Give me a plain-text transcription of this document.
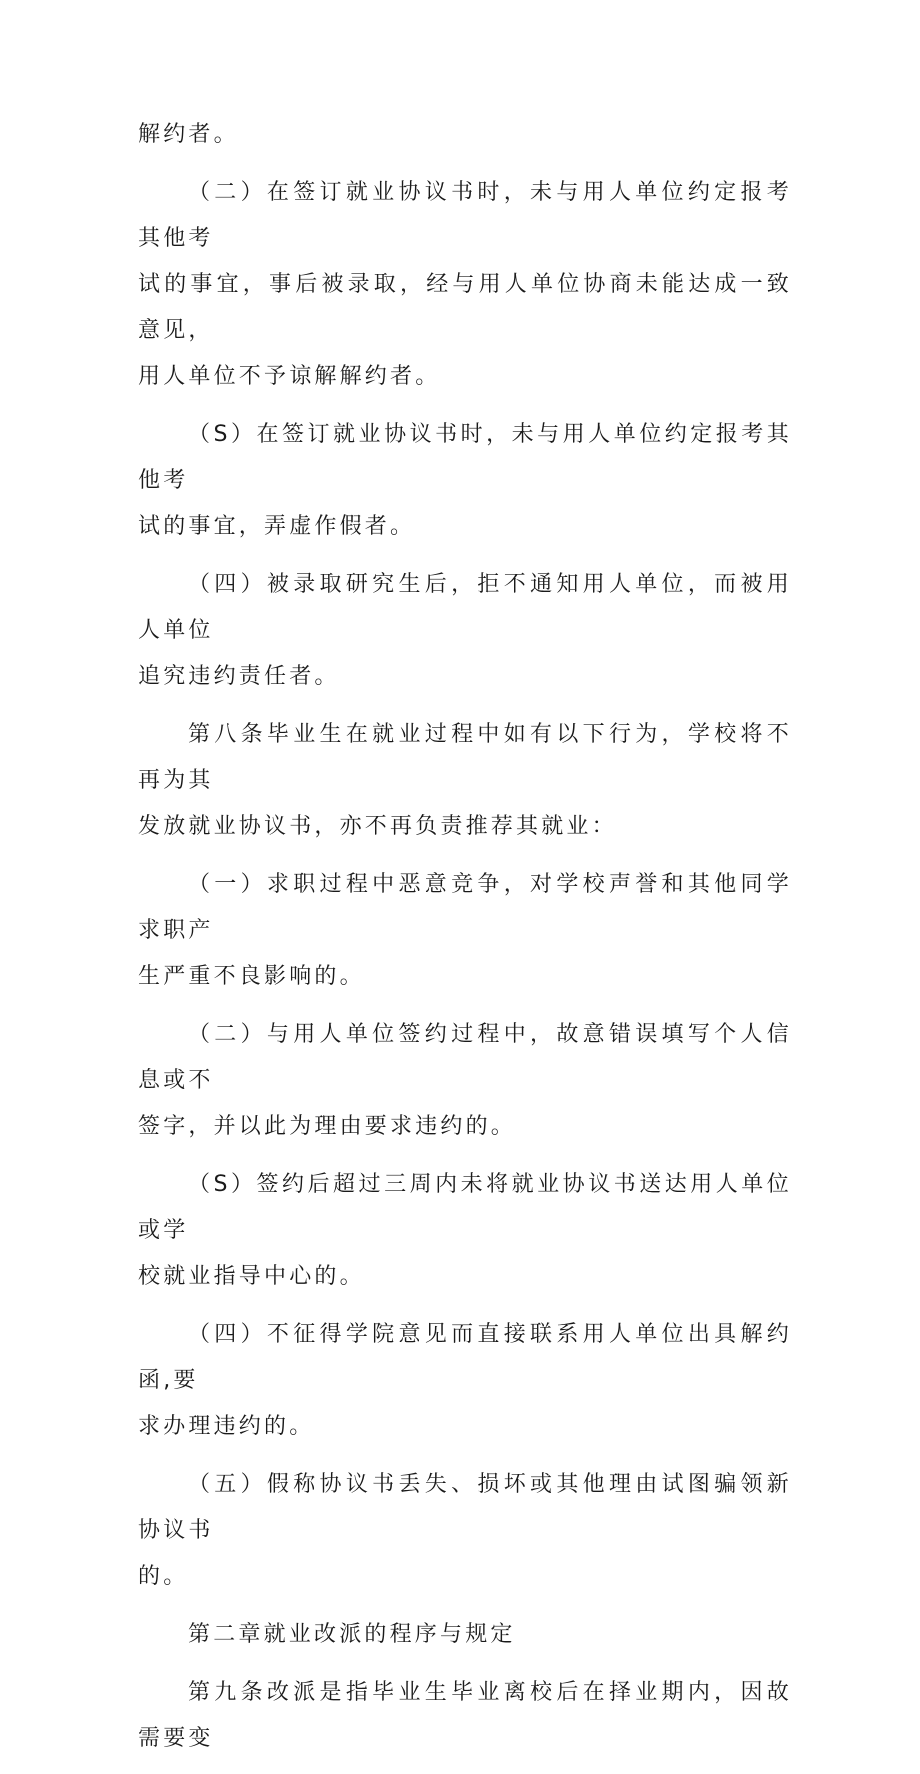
解约者。

（二）在签订就业协议书时，未与用人单位约定报考其他考
试的事宜，事后被录取，经与用人单位协商未能达成一致意见，
用人单位不予谅解解约者。

（S）在签订就业协议书时，未与用人单位约定报考其他考
试的事宜，弄虚作假者。

（四）被录取研究生后，拒不通知用人单位，而被用人单位
追究违约责任者。

第八条毕业生在就业过程中如有以下行为，学校将不再为其
发放就业协议书，亦不再负责推荐其就业：

（一）求职过程中恶意竞争，对学校声誉和其他同学求职产
生严重不良影响的。

（二）与用人单位签约过程中，故意错误填写个人信息或不
签字，并以此为理由要求违约的。

（S）签约后超过三周内未将就业协议书送达用人单位或学
校就业指导中心的。

（四）不征得学院意见而直接联系用人单位出具解约函,要
求办理违约的。

（五）假称协议书丢失、损坏或其他理由试图骗领新协议书
的。

第二章就业改派的程序与规定

第九条改派是指毕业生毕业离校后在择业期内，因故需要变
